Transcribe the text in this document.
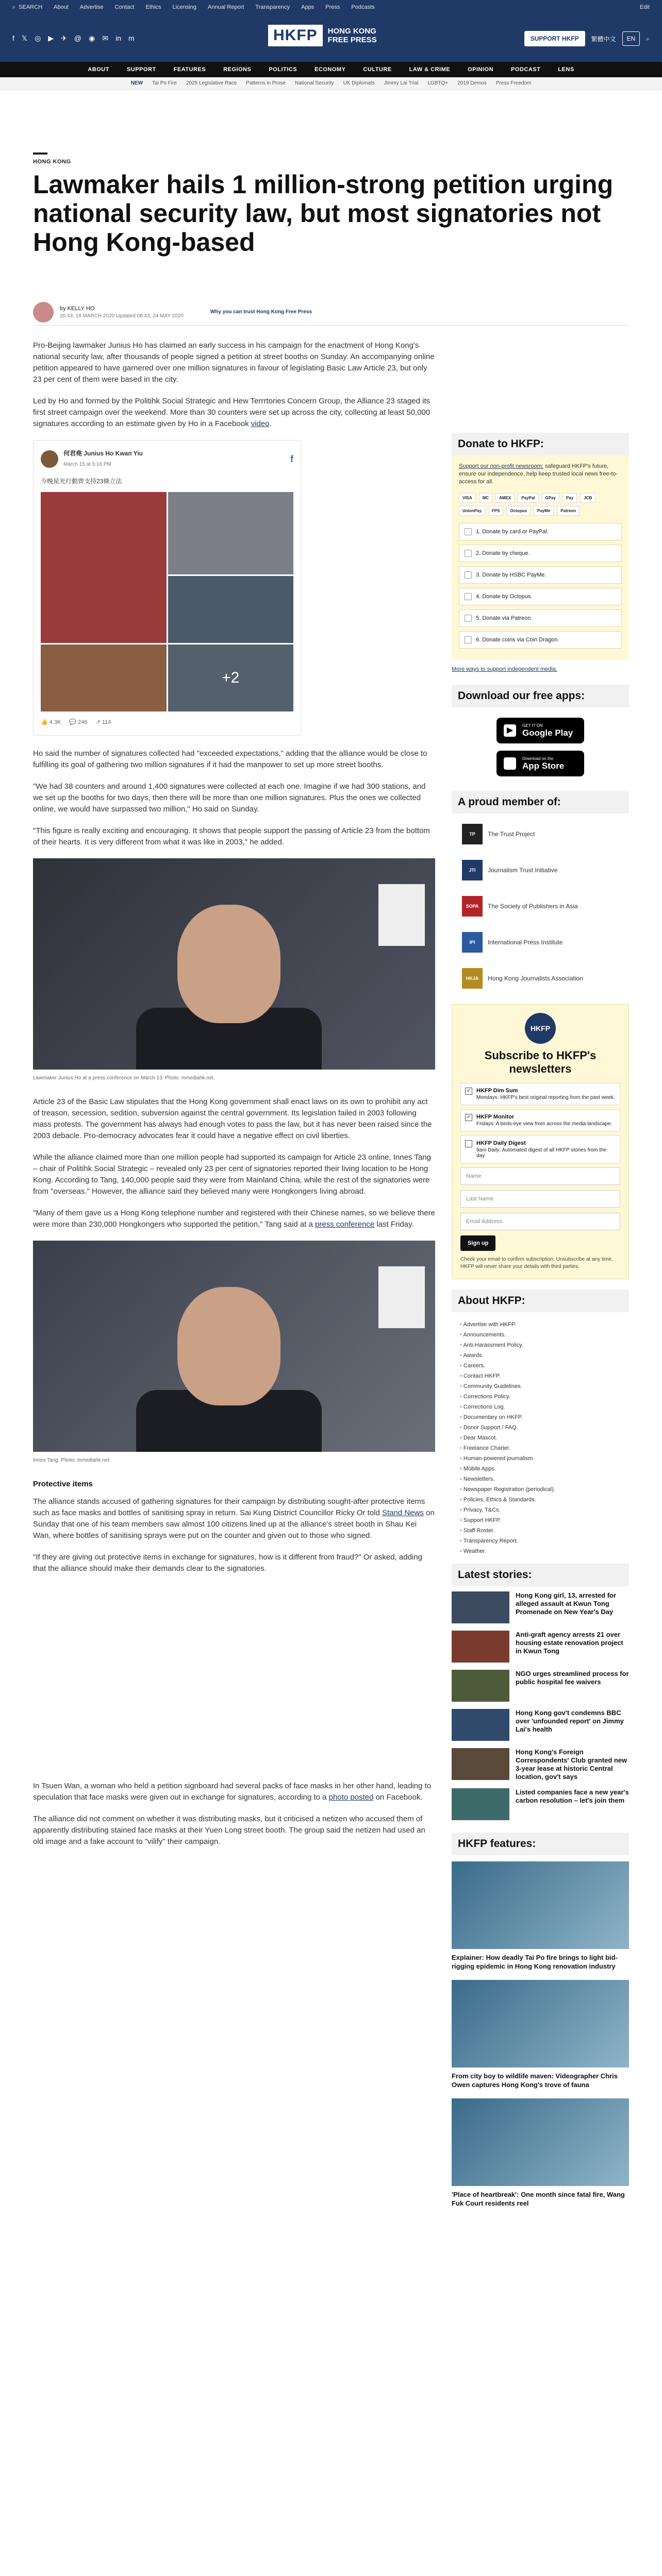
⌕ SEARCH About Advertise Contact Ethics Licensing Annual Report Transparency Apps Press Podcasts	Edit
f 𝕏 ◎ ▶ ✈ @ ◉ ✉ in m	HKFP	HONG KONG
FREE PRESS	SUPPORT HKFP	繁體中文	EN	⌕
ABOUT	SUPPORT	FEATURES	REGIONS	POLITICS	ECONOMY	CULTURE	LAW & CRIME	OPINION	PODCAST	LENS
NEW Tai Po Fire 2025 Legislative Race Patterns in Prose National Security UK Diplomats Jimmy Lai Trial LGBTQ+ 2019 Demos Press Freedom
HONG KONG
Lawmaker hails 1 million-strong petition urging national security law, but most signatories not Hong Kong-based
by KELLY HO
20:43, 16 MARCH 2020 Updated 08:43, 24 MAY 2020
Why you can trust Hong Kong Free Press

Pro-Beijing lawmaker Junius Ho has claimed an early success in his campaign for the enactment of Hong Kong's national security law, after thousands of people signed a petition at street booths on Sunday. An accompanying online petition appeared to have garnered over one million signatures in favour of legislating Basic Law Article 23, but only 23 per cent of them were based in the city.

Led by Ho and formed by the Politihk Social Strategic and Hew Terrrtories Concern Group, the Alliance 23 staged its first street campaign over the weekend. More than 30 counters were set up across the city, collecting at least 50,000 signatures according to an estimate given by Ho in a Facebook video.

何君堯 Junius Ho Kwan Yiu
March 15 at 5:16 PM
f
今晚星光行動齊支持23條立法
+2
👍 4.3K 💬 246 ↗ 114

Ho said the number of signatures collected had "exceeded expectations," adding that the alliance would be close to fulfilling its goal of gathering two million signatures if it had the manpower to set up more street booths.

"We had 38 counters and around 1,400 signatures were collected at each one. Imagine if we had 300 stations, and we set up the booths for two days, then there will be more than one million signatures. Plus the ones we collected online, we would have surpassed two million," Ho said on Sunday.

"This figure is really exciting and encouraging. It shows that people support the passing of Article 23 from the bottom of their hearts. It is very different from what it was like in 2003," he added.

Lawmaker Junius Ho at a press conference on March 13. Photo: inmediahk.net.

Article 23 of the Basic Law stipulates that the Hong Kong government shall enact laws on its own to prohibit any act of treason, secession, sedition, subversion against the central government. Its legislation failed in 2003 following mass protests. The government has always had enough votes to pass the law, but it has never been raised since the 2003 debacle. Pro-democracy advocates fear it could have a negative effect on civil liberties.

While the alliance claimed more than one million people had supported its campaign for Article 23 online, Innes Tang – chair of Politihk Social Strategic – revealed only 23 per cent of signatories reported their living location to be Hong Kong. According to Tang, 140,000 people said they were from Mainland China, while the rest of the signatories were from "overseas." However, the alliance said they believed many were Hongkongers living abroad.

"Many of them gave us a Hong Kong telephone number and registered with their Chinese names, so we believe there were more than 230,000 Hongkongers who supported the petition," Tang said at a press conference last Friday.

Innes Tang. Photo: inmediahk.net.
Protective items

The alliance stands accused of gathering signatures for their campaign by distributing sought-after protective items such as face masks and bottles of sanitising spray in return. Sai Kung District Councillor Ricky Or told Stand News on Sunday that one of his team members saw almost 100 citizens lined up at the alliance's street booth in Shau Kei Wan, where bottles of sanitising sprays were put on the counter and given out to those who signed.

"If they are giving out protective items in exchange for signatures, how is it different from fraud?" Or asked, adding that the alliance should make their demands clear to the signatories.

In Tsuen Wan, a woman who held a petition signboard had several packs of face masks in her other hand, leading to speculation that face masks were given out in exchange for signatures, according to a photo posted on Facebook.

The alliance did not comment on whether it was distributing masks, but it criticised a netizen who accused them of apparently distributing stained face masks at their Yuen Long street booth. The group said the netizen had used an old image and a fake account to "vilify" their campaign.

Donate to HKFP:
Support our non-profit newsroom: safeguard HKFP's future, ensure our independence, help keep trusted local news free-to-access for all.
VISA	MC	AMEX	PayPal	GPay	Pay	JCB
UnionPay	FPS	Octopus	PayMe	Patreon
1. Donate by card or PayPal.
2. Donate by cheque.
3. Donate by HSBC PayMe.
4. Donate by Octopus.
5. Donate via Patreon.
6. Donate coins via Coin Dragon.
More ways to support independent media.
Download our free apps:
▶
GET IT ON
Google Play
Download on the
App Store
A proud member of:
TP	The Trust Project
JTI	Journalism Trust Initiative
SOPA	The Society of Publishers in Asia
IPI	International Press Institute
HKJA	Hong Kong Journalists Association
HKFP
Subscribe to HKFP's newsletters
✓ HKFP Dim Sum
Mondays: HKFP's best original reporting from the past week.
✓ HKFP Monitor
Fridays: A birds-eye view from across the media landscape.
HKFP Daily Digest
9am Daily: Automated digest of all HKFP stories from the day.
Name
Last Name
Email Address
Sign up
Check your email to confirm subscription. Unsubscribe at any time. HKFP will never share your details with third parties.
About HKFP:
• Advertise with HKFP.
• Announcements.
• Anti-Harassment Policy.
• Awards.
• Careers.
• Contact HKFP.
• Community Guidelines.
• Corrections Policy.
• Corrections Log.
• Documentary on HKFP.
• Donor Support / FAQ.
• Dear Mascot.
• Freelance Charter.
• Human-powered journalism.
• Mobile Apps.
• Newsletters.
• Newspaper Registration (periodical).
• Policies, Ethics & Standards.
• Privacy, T&Cs.
• Support HKFP.
• Staff Roster.
• Transparency Report.
• Weather.
Latest stories:
Hong Kong girl, 13, arrested for alleged assault at Kwun Tong Promenade on New Year's Day
Anti-graft agency arrests 21 over housing estate renovation project in Kwun Tong
NGO urges streamlined process for public hospital fee waivers
Hong Kong gov't condemns BBC over 'unfounded report' on Jimmy Lai's health
Hong Kong's Foreign Correspondents' Club granted new 3-year lease at historic Central location, gov't says
Listed companies face a new year's carbon resolution – let's join them
HKFP features:
Explainer: How deadly Tai Po fire brings to light bid-rigging epidemic in Hong Kong renovation industry
From city boy to wildlife maven: Videographer Chris Owen captures Hong Kong's trove of fauna
'Place of heartbreak': One month since fatal fire, Wang Fuk Court residents reel
